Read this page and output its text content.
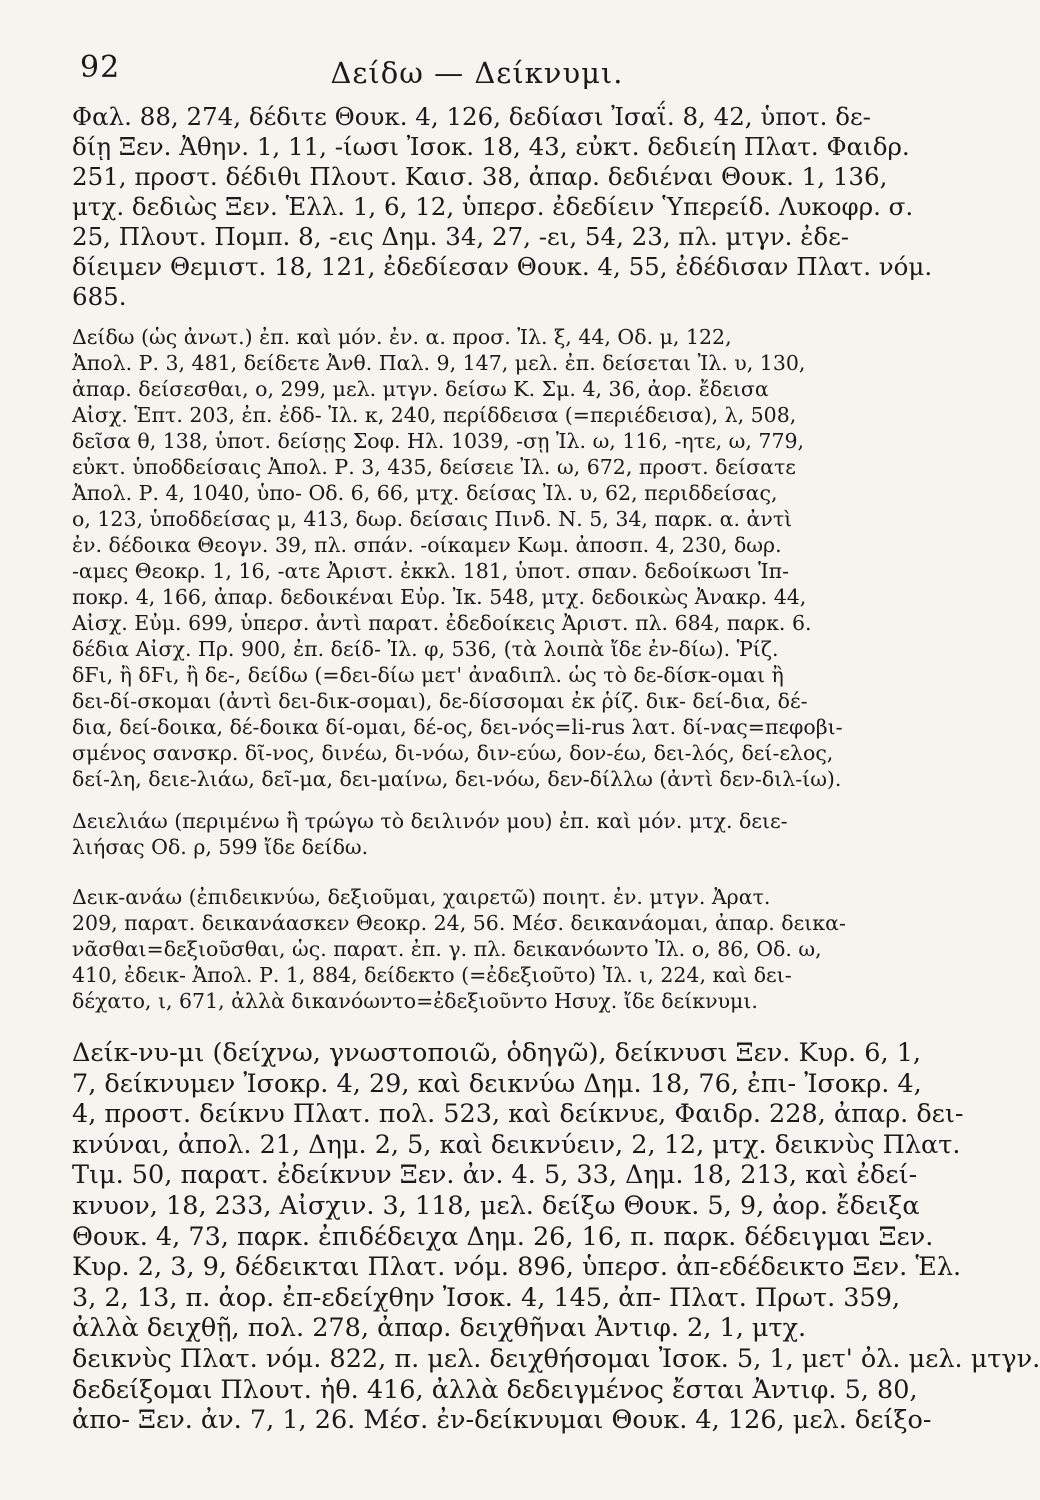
92	Δείδω — Δείκνυμι.
Φαλ. 88, 274, δέδιτε Θουκ. 4, 126, δεδίασι Ἰσαΐ. 8, 42, ὑποτ. δε-
δίῃ Ξεν. Ἀθην. 1, 11, -ίωσι Ἰσοκ. 18, 43, εὐκτ. δεδιείη Πλατ. Φαιδρ.
251, προστ. δέδιθι Πλουτ. Καισ. 38, ἀπαρ. δεδιέναι Θουκ. 1, 136,
μτχ. δεδιὼς Ξεν. Ἑλλ. 1, 6, 12, ὑπερσ. ἐδεδίειν Ὑπερείδ. Λυκοφρ. σ.
25, Πλουτ. Πομπ. 8, -εις Δημ. 34, 27, -ει, 54, 23, πλ. μτγν. ἐδε-
δίειμεν Θεμιστ. 18, 121, ἐδεδίεσαν Θουκ. 4, 55, ἐδέδισαν Πλατ. νόμ.
685.
Δείδω (ὡς ἀνωτ.) ἐπ. καὶ μόν. ἐν. α. προσ. Ἰλ. ξ, 44, Οδ. μ, 122,
Ἀπολ. Ρ. 3, 481, δείδετε Ἀνθ. Παλ. 9, 147, μελ. ἐπ. δείσεται Ἰλ. υ, 130,
ἀπαρ. δείσεσθαι, ο, 299, μελ. μτγν. δείσω Κ. Σμ. 4, 36, ἀορ. ἔδεισα
Αἰσχ. Ἑπτ. 203, ἐπ. ἐδδ- Ἰλ. κ, 240, περίδδεισα (=περιέδεισα), λ, 508,
δεῖσα θ, 138, ὑποτ. δείσῃς Σοφ. Ηλ. 1039, -σῃ Ἰλ. ω, 116, -ητε, ω, 779,
εὐκτ. ὑποδδείσαις Ἀπολ. Ρ. 3, 435, δείσειε Ἰλ. ω, 672, προστ. δείσατε
Ἀπολ. Ρ. 4, 1040, ὑπο- Οδ. 6, 66, μτχ. δείσας Ἰλ. υ, 62, περιδδείσας,
ο, 123, ὑποδδείσας μ, 413, δωρ. δείσαις Πινδ. Ν. 5, 34, παρκ. α. ἀντὶ
ἐν. δέδοικα Θεογν. 39, πλ. σπάν. -οίκαμεν Κωμ. ἀποσπ. 4, 230, δωρ.
-αμες Θεοκρ. 1, 16, -ατε Ἀριστ. ἐκκλ. 181, ὑποτ. σπαν. δεδοίκωσι Ἱπ-
ποκρ. 4, 166, ἀπαρ. δεδοικέναι Εὐρ. Ἰκ. 548, μτχ. δεδοικὼς Ἀνακρ. 44,
Αἰσχ. Εὐμ. 699, ὑπερσ. ἀντὶ παρατ. ἐδεδοίκεις Ἀριστ. πλ. 684, παρκ. 6.
δέδια Αἰσχ. Πρ. 900, ἐπ. δείδ- Ἰλ. φ, 536, (τὰ λοιπὰ ἴδε ἐν-δίω). Ῥίζ.
δϜι, ἢ δϜι, ἢ δε-, δείδω (=δει-δίω μετ' ἀναδιπλ. ὡς τὸ δε-δίσκ-ομαι ἢ
δει-δί-σκομαι (ἀντὶ δει-δικ-σομαι), δε-δίσσομαι ἐκ ῥίζ. δικ- δεί-δια, δέ-
δια, δεί-δοικα, δέ-δοικα δί-ομαι, δέ-ος, δει-νός=li-rus λατ. δί-νας=πεφοβι-
σμένος σανσκρ. δῖ-νος, δινέω, δι-νόω, διν-εύω, δον-έω, δει-λός, δεί-ελος,
δεί-λη, δειε-λιάω, δεῖ-μα, δει-μαίνω, δει-νόω, δεν-δίλλω (ἀντὶ δεν-διλ-ίω).
Δειελιάω (περιμένω ἢ τρώγω τὸ δειλινόν μου) ἐπ. καὶ μόν. μτχ. δειε-
λιήσας Οδ. ρ, 599 ἴδε δείδω.
Δεικ-ανάω (ἐπιδεικνύω, δεξιοῦμαι, χαιρετῶ) ποιητ. ἐν. μτγν. Ἀρατ.
209, παρατ. δεικανάασκεν Θεοκρ. 24, 56. Μέσ. δεικανάομαι, ἀπαρ. δεικα-
νᾶσθαι=δεξιοῦσθαι, ὡς. παρατ. ἐπ. γ. πλ. δεικανόωντο Ἰλ. ο, 86, Οδ. ω,
410, ἐδεικ- Ἀπολ. Ρ. 1, 884, δείδεκτο (=ἐδεξιοῦτο) Ἰλ. ι, 224, καὶ δει-
δέχατο, ι, 671, ἀλλὰ δικανόωντο=ἐδεξιοῦντο Ησυχ. ἴδε δείκνυμι.
Δείκ-νυ-μι (δείχνω, γνωστοποιῶ, ὁδηγῶ), δείκνυσι Ξεν. Κυρ. 6, 1,
7, δείκνυμεν Ἰσοκρ. 4, 29, καὶ δεικνύω Δημ. 18, 76, ἐπι- Ἰσοκρ. 4,
4, προστ. δείκνυ Πλατ. πολ. 523, καὶ δείκνυε, Φαιδρ. 228, ἀπαρ. δει-
κνύναι, ἀπολ. 21, Δημ. 2, 5, καὶ δεικνύειν, 2, 12, μτχ. δεικνὺς Πλατ.
Τιμ. 50, παρατ. ἐδείκνυν Ξεν. ἀν. 4. 5, 33, Δημ. 18, 213, καὶ ἐδεί-
κνυον, 18, 233, Αἰσχιν. 3, 118, μελ. δείξω Θουκ. 5, 9, ἀορ. ἔδειξα
Θουκ. 4, 73, παρκ. ἐπιδέδειχα Δημ. 26, 16, π. παρκ. δέδειγμαι Ξεν.
Κυρ. 2, 3, 9, δέδεικται Πλατ. νόμ. 896, ὑπερσ. ἀπ-εδέδεικτο Ξεν. Ἑλ.
3, 2, 13, π. ἀορ. ἐπ-εδείχθην Ἰσοκ. 4, 145, ἀπ- Πλατ. Πρωτ. 359,
ἀλλὰ δειχθῇ, πολ. 278, ἀπαρ. δειχθῆναι Ἀντιφ. 2, 1, μτχ.
δεικνὺς Πλατ. νόμ. 822, π. μελ. δειχθήσομαι Ἰσοκ. 5, 1, μετ' ὀλ. μελ. μτγν.
δεδείξομαι Πλουτ. ἠθ. 416, ἀλλὰ δεδειγμένος ἔσται Ἀντιφ. 5, 80,
ἀπο- Ξεν. ἀν. 7, 1, 26. Μέσ. ἐν-δείκνυμαι Θουκ. 4, 126, μελ. δείξο-
